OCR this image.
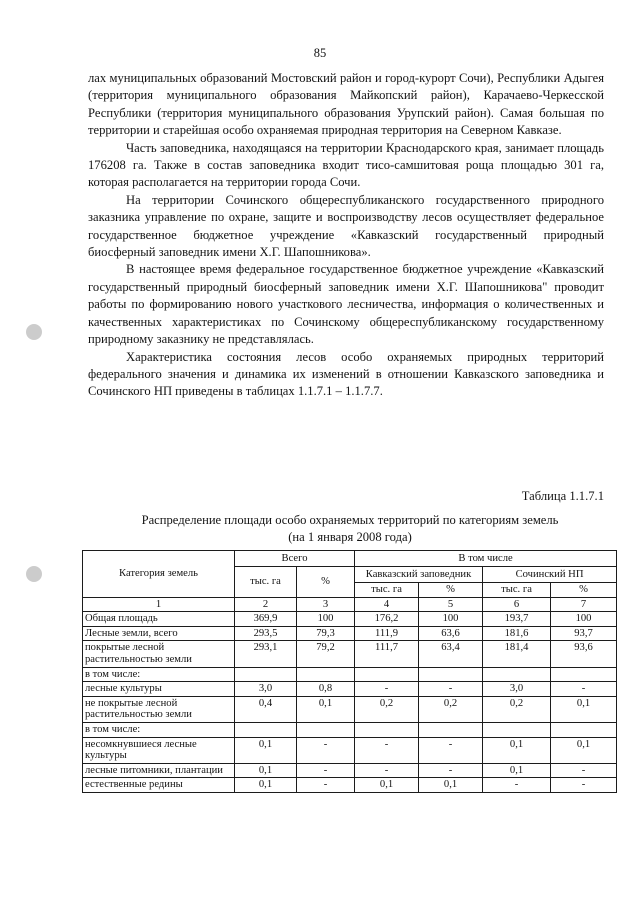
85

лах муниципальных образований Мостовский район и город-курорт Сочи), Республики Адыгея (территория муниципального образования Майкопский район), Карачаево-Черкесской Республики (территория муниципального образования Урупский район). Самая большая по территории и старейшая особо охраняемая природная территория на Северном Кавказе.

Часть заповедника, находящаяся на территории Краснодарского края, занимает площадь 176208 га. Также в состав заповедника входит тисо-самшитовая роща площадью 301 га, которая располагается на территории города Сочи.

На территории Сочинского общереспубликанского государственного природного заказника управление по охране, защите и воспроизводству лесов осуществляет федеральное государственное бюджетное учреждение «Кавказский государственный природный биосферный заповедник имени Х.Г. Шапошникова».

В настоящее время федеральное государственное бюджетное учреждение «Кавказский государственный природный биосферный заповедник имени Х.Г. Шапошникова" проводит работы по формированию нового участкового лесничества, информация о количественных и качественных характеристиках по Сочинскому общереспубликанскому государственному природному заказнику не представлялась.

Характеристика состояния лесов особо охраняемых природных территорий федерального значения и динамика их изменений в отношении Кавказского заповедника и Сочинского НП приведены в таблицах 1.1.7.1 – 1.1.7.7.

Таблица 1.1.7.1
Распределение площади особо охраняемых территорий по категориям земель
(на 1 января 2008 года)
Категория земель	Всего		В том числе			
	тыс. га	%	Кавказский заповедник		Сочинский НП	
			тыс. га	%	тыс. га	%
1	2	3	4	5	6	7
Общая площадь	369,9	100	176,2	100	193,7	100
Лесные земли, всего	293,5	79,3	111,9	63,6	181,6	93,7
покрытые лесной растительностью земли	293,1	79,2	111,7	63,4	181,4	93,6
в том числе:						
лесные культуры	3,0	0,8	-	-	3,0	-
не покрытые лесной растительностью земли	0,4	0,1	0,2	0,2	0,2	0,1
в том числе:						
несомкнувшиеся лесные культуры	0,1	-	-	-	0,1	0,1
лесные питомники, плантации	0,1	-	-	-	0,1	-
естественные редины	0,1	-	0,1	0,1	-	-
